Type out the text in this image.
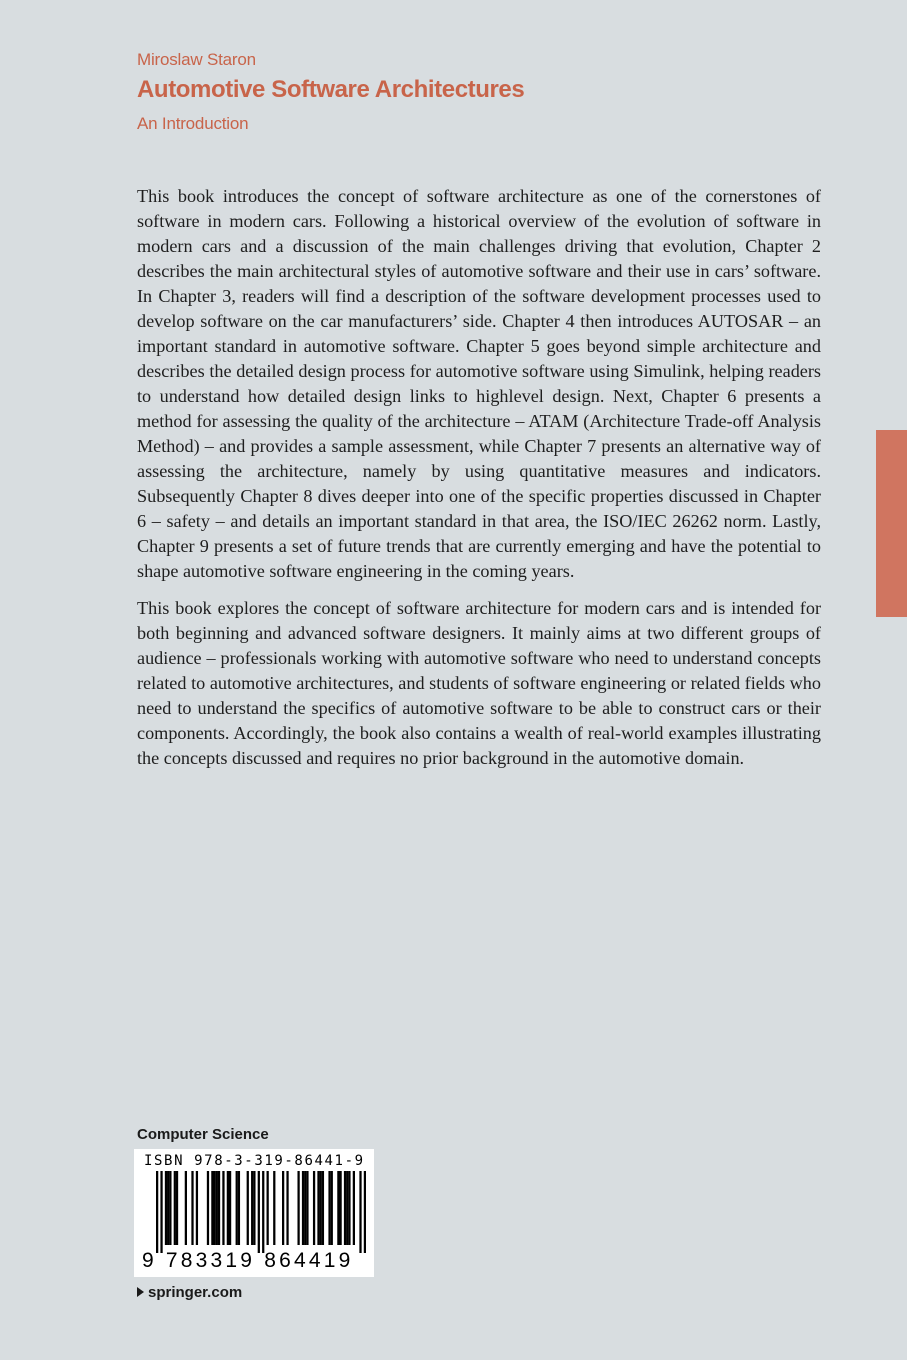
Miroslaw Staron
Automotive Software Architectures
An Introduction

This book introduces the concept of software architecture as one of the cornerstones of software in modern cars. Following a historical overview of the evolution of software in modern cars and a discussion of the main challenges driving that evolution, Chapter 2 describes the main architectural styles of automotive software and their use in cars’ software. In Chapter 3, readers will find a description of the software development processes used to develop software on the car manufacturers’ side. Chapter 4 then introduces AUTOSAR – an important standard in automotive software. Chapter 5 goes beyond simple architecture and describes the detailed design process for automotive software using Simulink, helping readers to understand how detailed design links to highlevel design. Next, Chapter 6 presents a method for assessing the quality of the architecture – ATAM (Architecture Trade-off Analysis Method) – and provides a sample assessment, while Chapter 7 presents an alternative way of assessing the architecture, namely by using quantitative measures and indicators. Subsequently Chapter 8 dives deeper into one of the specific properties discussed in Chapter 6 – safety – and details an important standard in that area, the ISO/IEC 26262 norm. Lastly, Chapter 9 presents a set of future trends that are currently emerging and have the potential to shape automotive software engineering in the coming years.

This book explores the concept of software architecture for modern cars and is intended for both beginning and advanced software designers. It mainly aims at two different groups of audience – professionals working with automotive software who need to understand concepts related to automotive architectures, and students of software engineering or related fields who need to understand the specifics of automotive software to be able to construct cars or their components. Accordingly, the book also contains a wealth of real-world examples illustrating the concepts discussed and requires no prior background in the automotive domain.

Computer Science
ISBN 978-3-319-86441-9
9 783319 864419
springer.com
